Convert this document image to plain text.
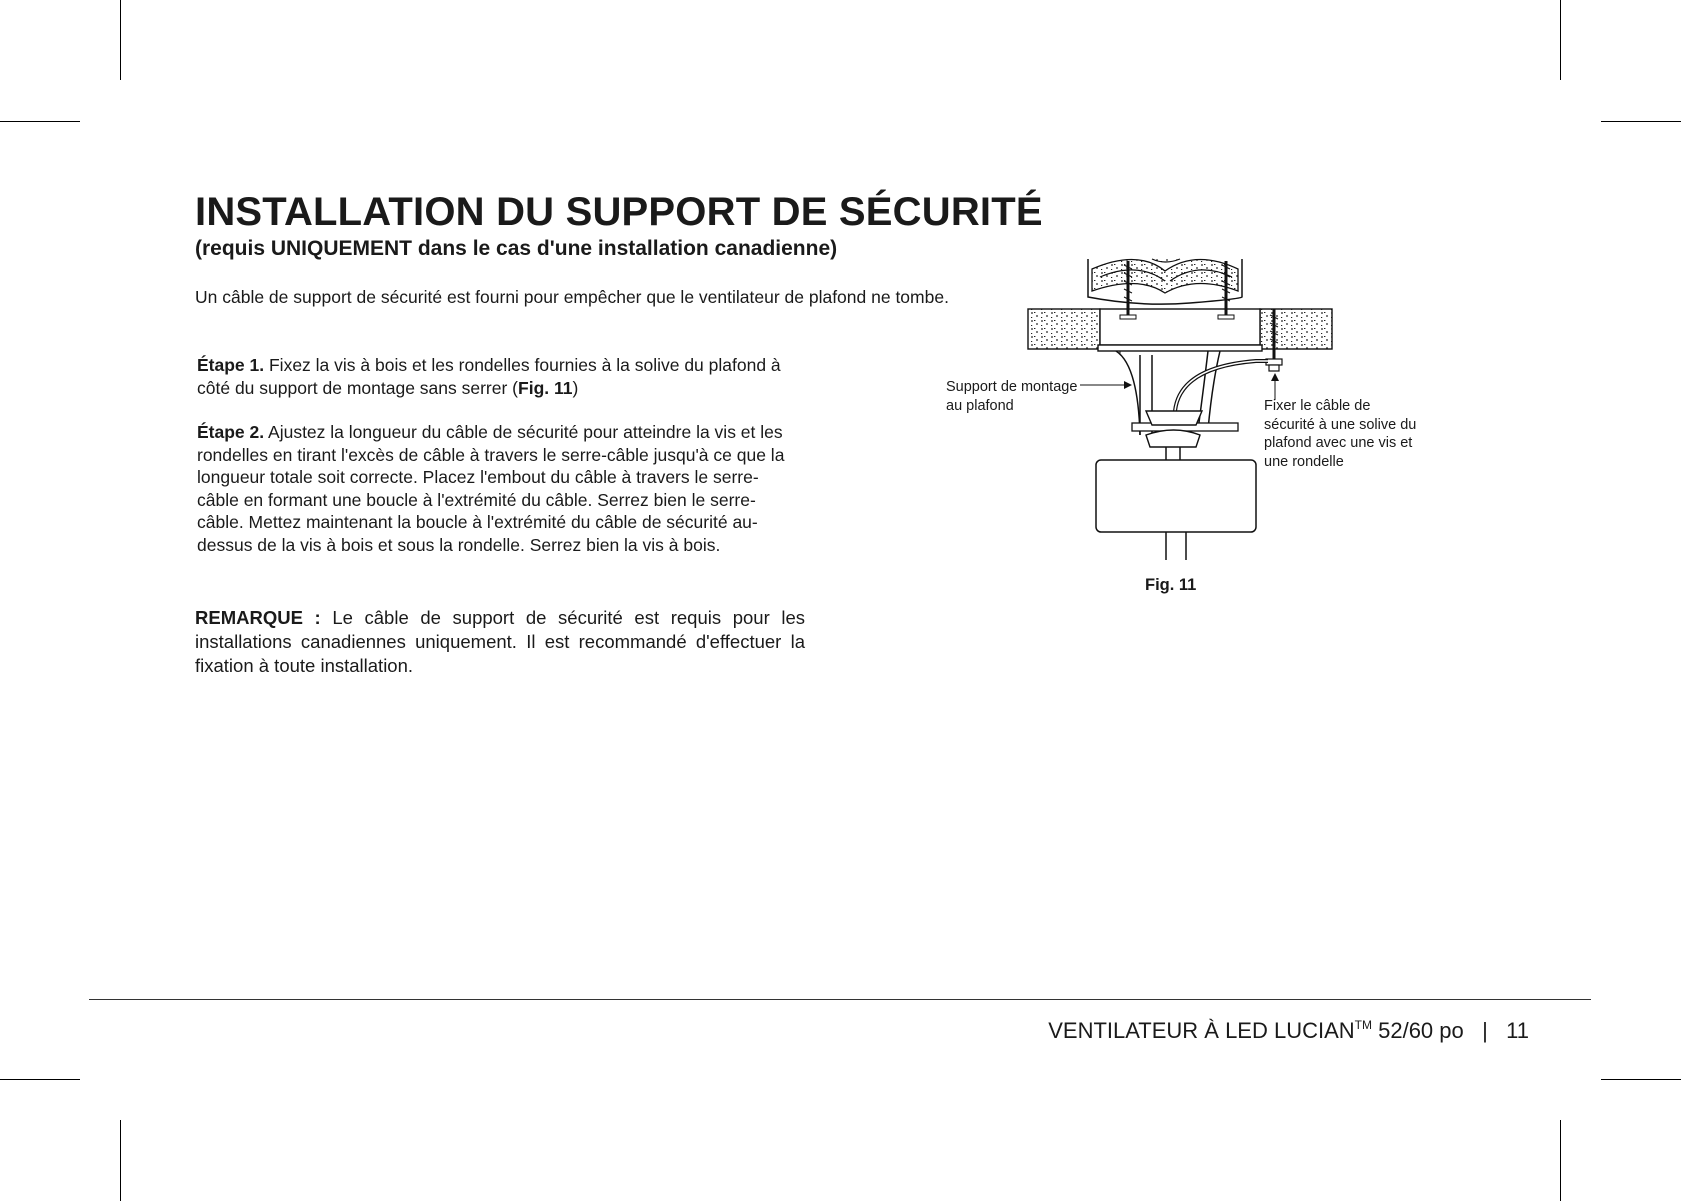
INSTALLATION DU SUPPORT DE SÉCURITÉ
(requis UNIQUEMENT dans le cas d'une installation canadienne)
Un câble de support de sécurité est fourni pour empêcher que le ventilateur de plafond ne tombe.
Étape 1. Fixez la vis à bois et les rondelles fournies à la solive du plafond à côté du support de montage sans serrer (Fig. 11)
Étape 2. Ajustez la longueur du câble de sécurité pour atteindre la vis et les rondelles en tirant l'excès de câble à travers le serre-câble jusqu'à ce que la longueur totale soit correcte. Placez l'embout du câble à travers le serre-câble en formant une boucle à l'extrémité du câble. Serrez bien le serre-câble. Mettez maintenant la boucle à l'extrémité du câble de sécurité au-dessus de la vis à bois et sous la rondelle. Serrez bien la vis à bois.
REMARQUE : Le câble de support de sécurité est requis pour les installations canadiennes uniquement. Il est recommandé d'effectuer la fixation à toute installation.
Support de montage au plafond	Fixer le câble de sécurité à une solive du plafond avec une vis et une rondelle
Fig. 11
VENTILATEUR À LED LUCIAN™ 52/60 po | 11
